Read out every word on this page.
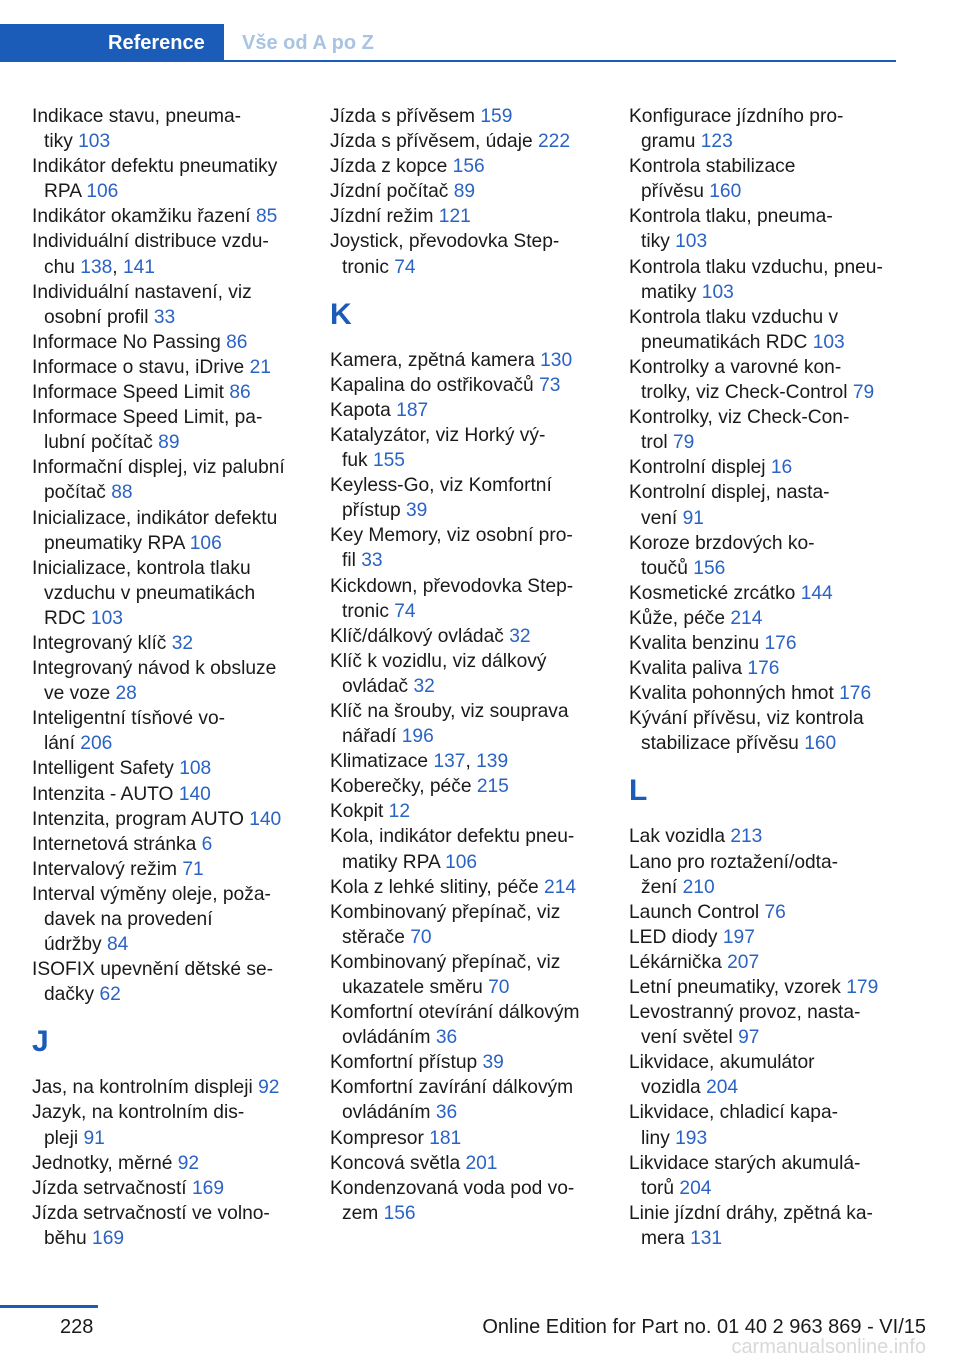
Reference	Vše od A po Z
Indikace stavu, pneuma‐
tiky 103
Indikátor defektu pneumatiky
RPA 106
Indikátor okamžiku řazení 85
Individuální distribuce vzdu‐
chu 138, 141
Individuální nastavení, viz
osobní profil 33
Informace No Passing 86
Informace o stavu, iDrive 21
Informace Speed Limit 86
Informace Speed Limit, pa‐
lubní počítač 89
Informační displej, viz palubní
počítač 88
Inicializace, indikátor defektu
pneumatiky RPA 106
Inicializace, kontrola tlaku
vzduchu v pneumatikách
RDC 103
Integrovaný klíč 32
Integrovaný návod k obsluze
ve voze 28
Inteligentní tísňové vo‐
lání 206
Intelligent Safety 108
Intenzita - AUTO 140
Intenzita, program AUTO 140
Internetová stránka 6
Intervalový režim 71
Interval výměny oleje, poža‐
davek na provedení
údržby 84
ISOFIX upevnění dětské se‐
dačky 62
J
Jas, na kontrolním displeji 92
Jazyk, na kontrolním dis‐
pleji 91
Jednotky, měrné 92
Jízda setrvačností 169
Jízda setrvačností ve volno‐
běhu 169
Jízda s přívěsem 159
Jízda s přívěsem, údaje 222
Jízda z kopce 156
Jízdní počítač 89
Jízdní režim 121
Joystick, převodovka Step‐
tronic 74
K
Kamera, zpětná kamera 130
Kapalina do ostřikovačů 73
Kapota 187
Katalyzátor, viz Horký vý‐
fuk 155
Keyless-Go, viz Komfortní
přístup 39
Key Memory, viz osobní pro‐
fil 33
Kickdown, převodovka Step‐
tronic 74
Klíč/dálkový ovládač 32
Klíč k vozidlu, viz dálkový
ovládač 32
Klíč na šrouby, viz souprava
nářadí 196
Klimatizace 137, 139
Koberečky, péče 215
Kokpit 12
Kola, indikátor defektu pneu‐
matiky RPA 106
Kola z lehké slitiny, péče 214
Kombinovaný přepínač, viz
stěrače 70
Kombinovaný přepínač, viz
ukazatele směru 70
Komfortní otevírání dálkovým
ovládáním 36
Komfortní přístup 39
Komfortní zavírání dálkovým
ovládáním 36
Kompresor 181
Koncová světla 201
Kondenzovaná voda pod vo‐
zem 156
Konfigurace jízdního pro‐
gramu 123
Kontrola stabilizace
přívěsu 160
Kontrola tlaku, pneuma‐
tiky 103
Kontrola tlaku vzduchu, pneu‐
matiky 103
Kontrola tlaku vzduchu v
pneumatikách RDC 103
Kontrolky a varovné kon‐
trolky, viz Check-Control 79
Kontrolky, viz Check-Con‐
trol 79
Kontrolní displej 16
Kontrolní displej, nasta‐
vení 91
Koroze brzdových ko‐
toučů 156
Kosmetické zrcátko 144
Kůže, péče 214
Kvalita benzinu 176
Kvalita paliva 176
Kvalita pohonných hmot 176
Kývání přívěsu, viz kontrola
stabilizace přívěsu 160
L
Lak vozidla 213
Lano pro roztažení/odta‐
žení 210
Launch Control 76
LED diody 197
Lékárnička 207
Letní pneumatiky, vzorek 179
Levostranný provoz, nasta‐
vení světel 97
Likvidace, akumulátor
vozidla 204
Likvidace, chladicí kapa‐
liny 193
Likvidace starých akumulá‐
torů 204
Linie jízdní dráhy, zpětná ka‐
mera 131
228	Online Edition for Part no. 01 40 2 963 869 - VI/15
carmanualsonline.info
